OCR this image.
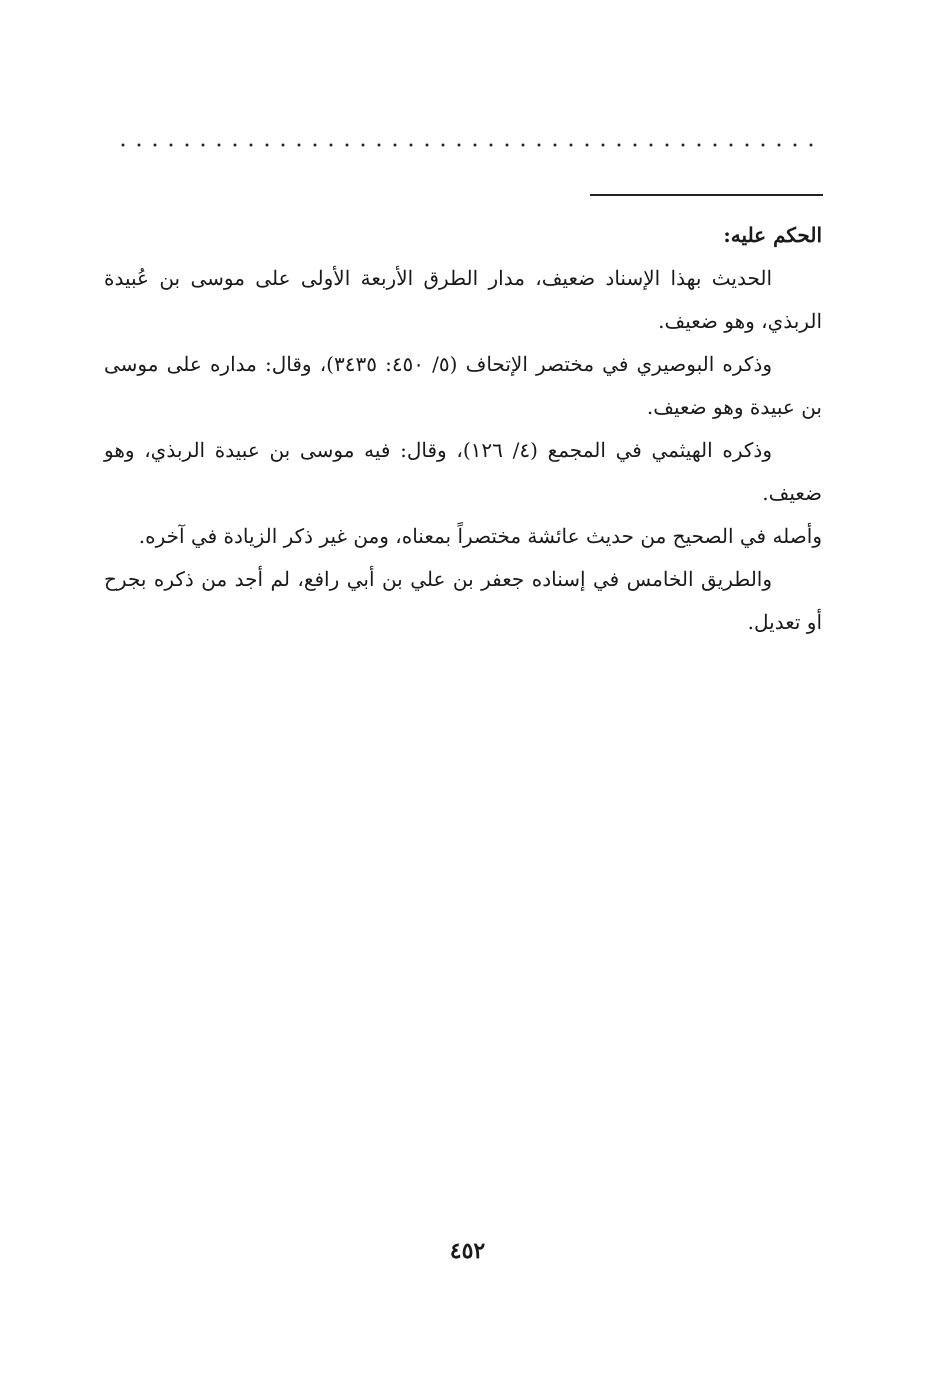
الحكم عليه:

الحديث بهذا الإسناد ضعيف، مدار الطرق الأربعة الأولى على موسى بن عُبيدة الربذي، وهو ضعيف.

وذكره البوصيري في مختصر الإتحاف (٥/ ٤٥٠: ٣٤٣٥)، وقال: مداره على موسى بن عبيدة وهو ضعيف.

وذكره الهيثمي في المجمع (٤/ ١٢٦)، وقال: فيه موسى بن عبيدة الربذي، وهو ضعيف.

وأصله في الصحيح من حديث عائشة مختصراً بمعناه، ومن غير ذكر الزيادة في آخره.

والطريق الخامس في إسناده جعفر بن علي بن أبي رافع، لم أجد من ذكره بجرح أو تعديل.

٤٥٢
